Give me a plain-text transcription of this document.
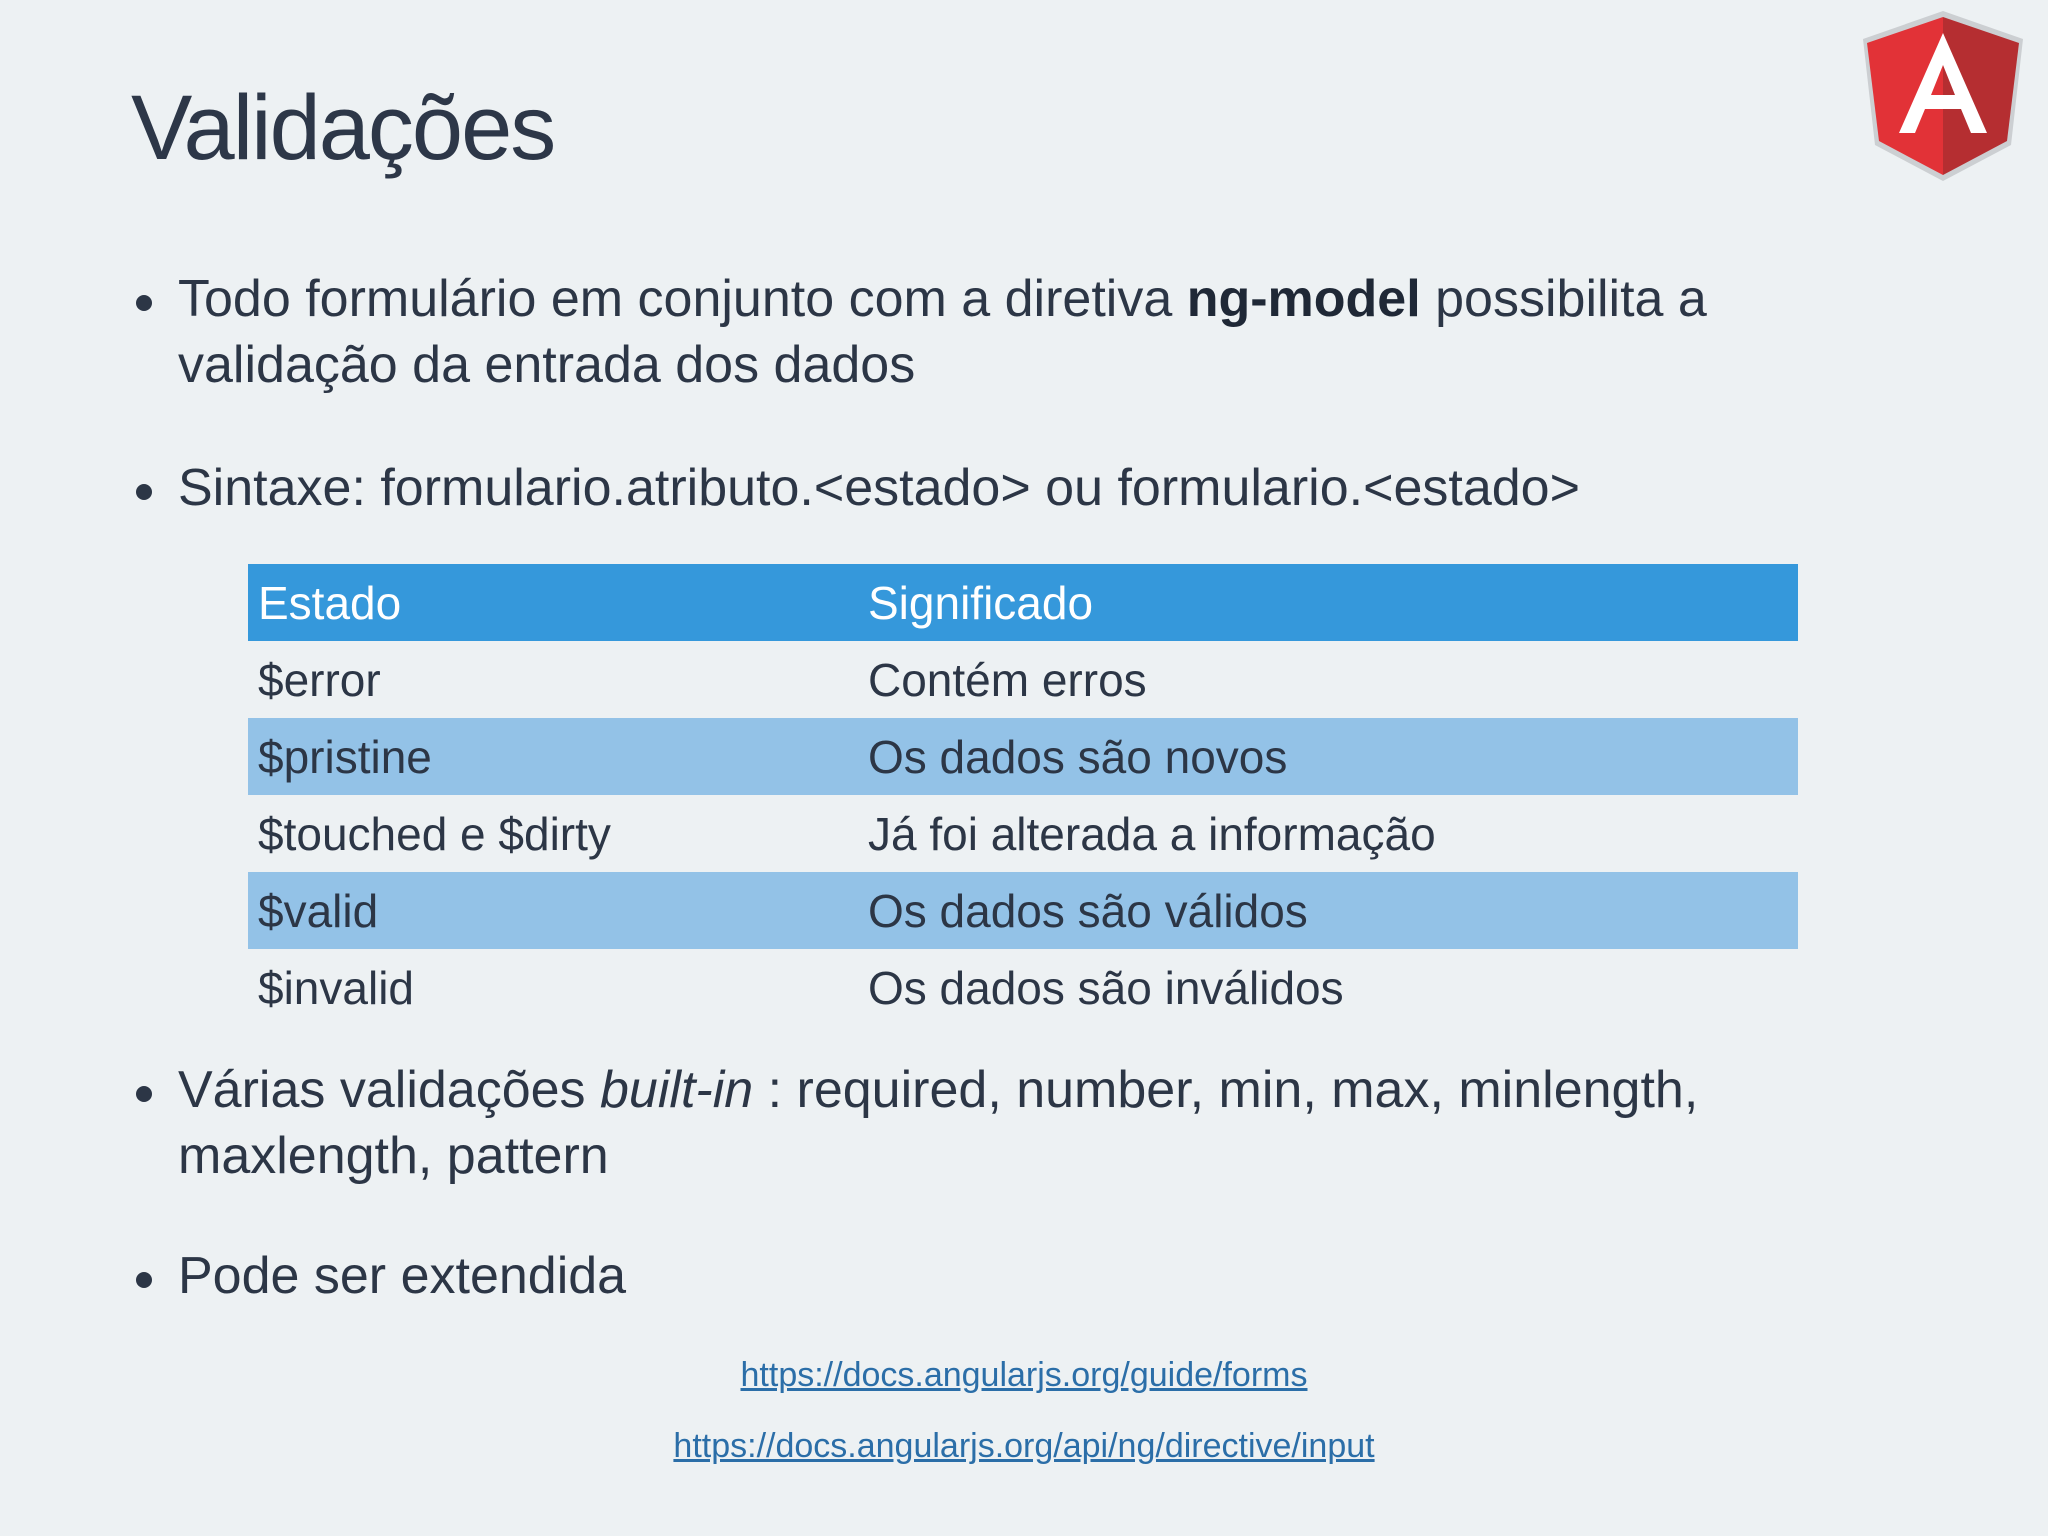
Validações
Todo formulário em conjunto com a diretiva ng-model possibilita a validação da entrada dos dados
Sintaxe: formulario.atributo.<estado> ou formulario.<estado>
Estado	Significado
$error	Contém erros
$pristine	Os dados são novos
$touched e $dirty	Já foi alterada a informação
$valid	Os dados são válidos
$invalid	Os dados são inválidos
Várias validações built-in : required, number, min, max, minlength, maxlength, pattern
Pode ser extendida
https://docs.angularjs.org/guide/forms
https://docs.angularjs.org/api/ng/directive/input
